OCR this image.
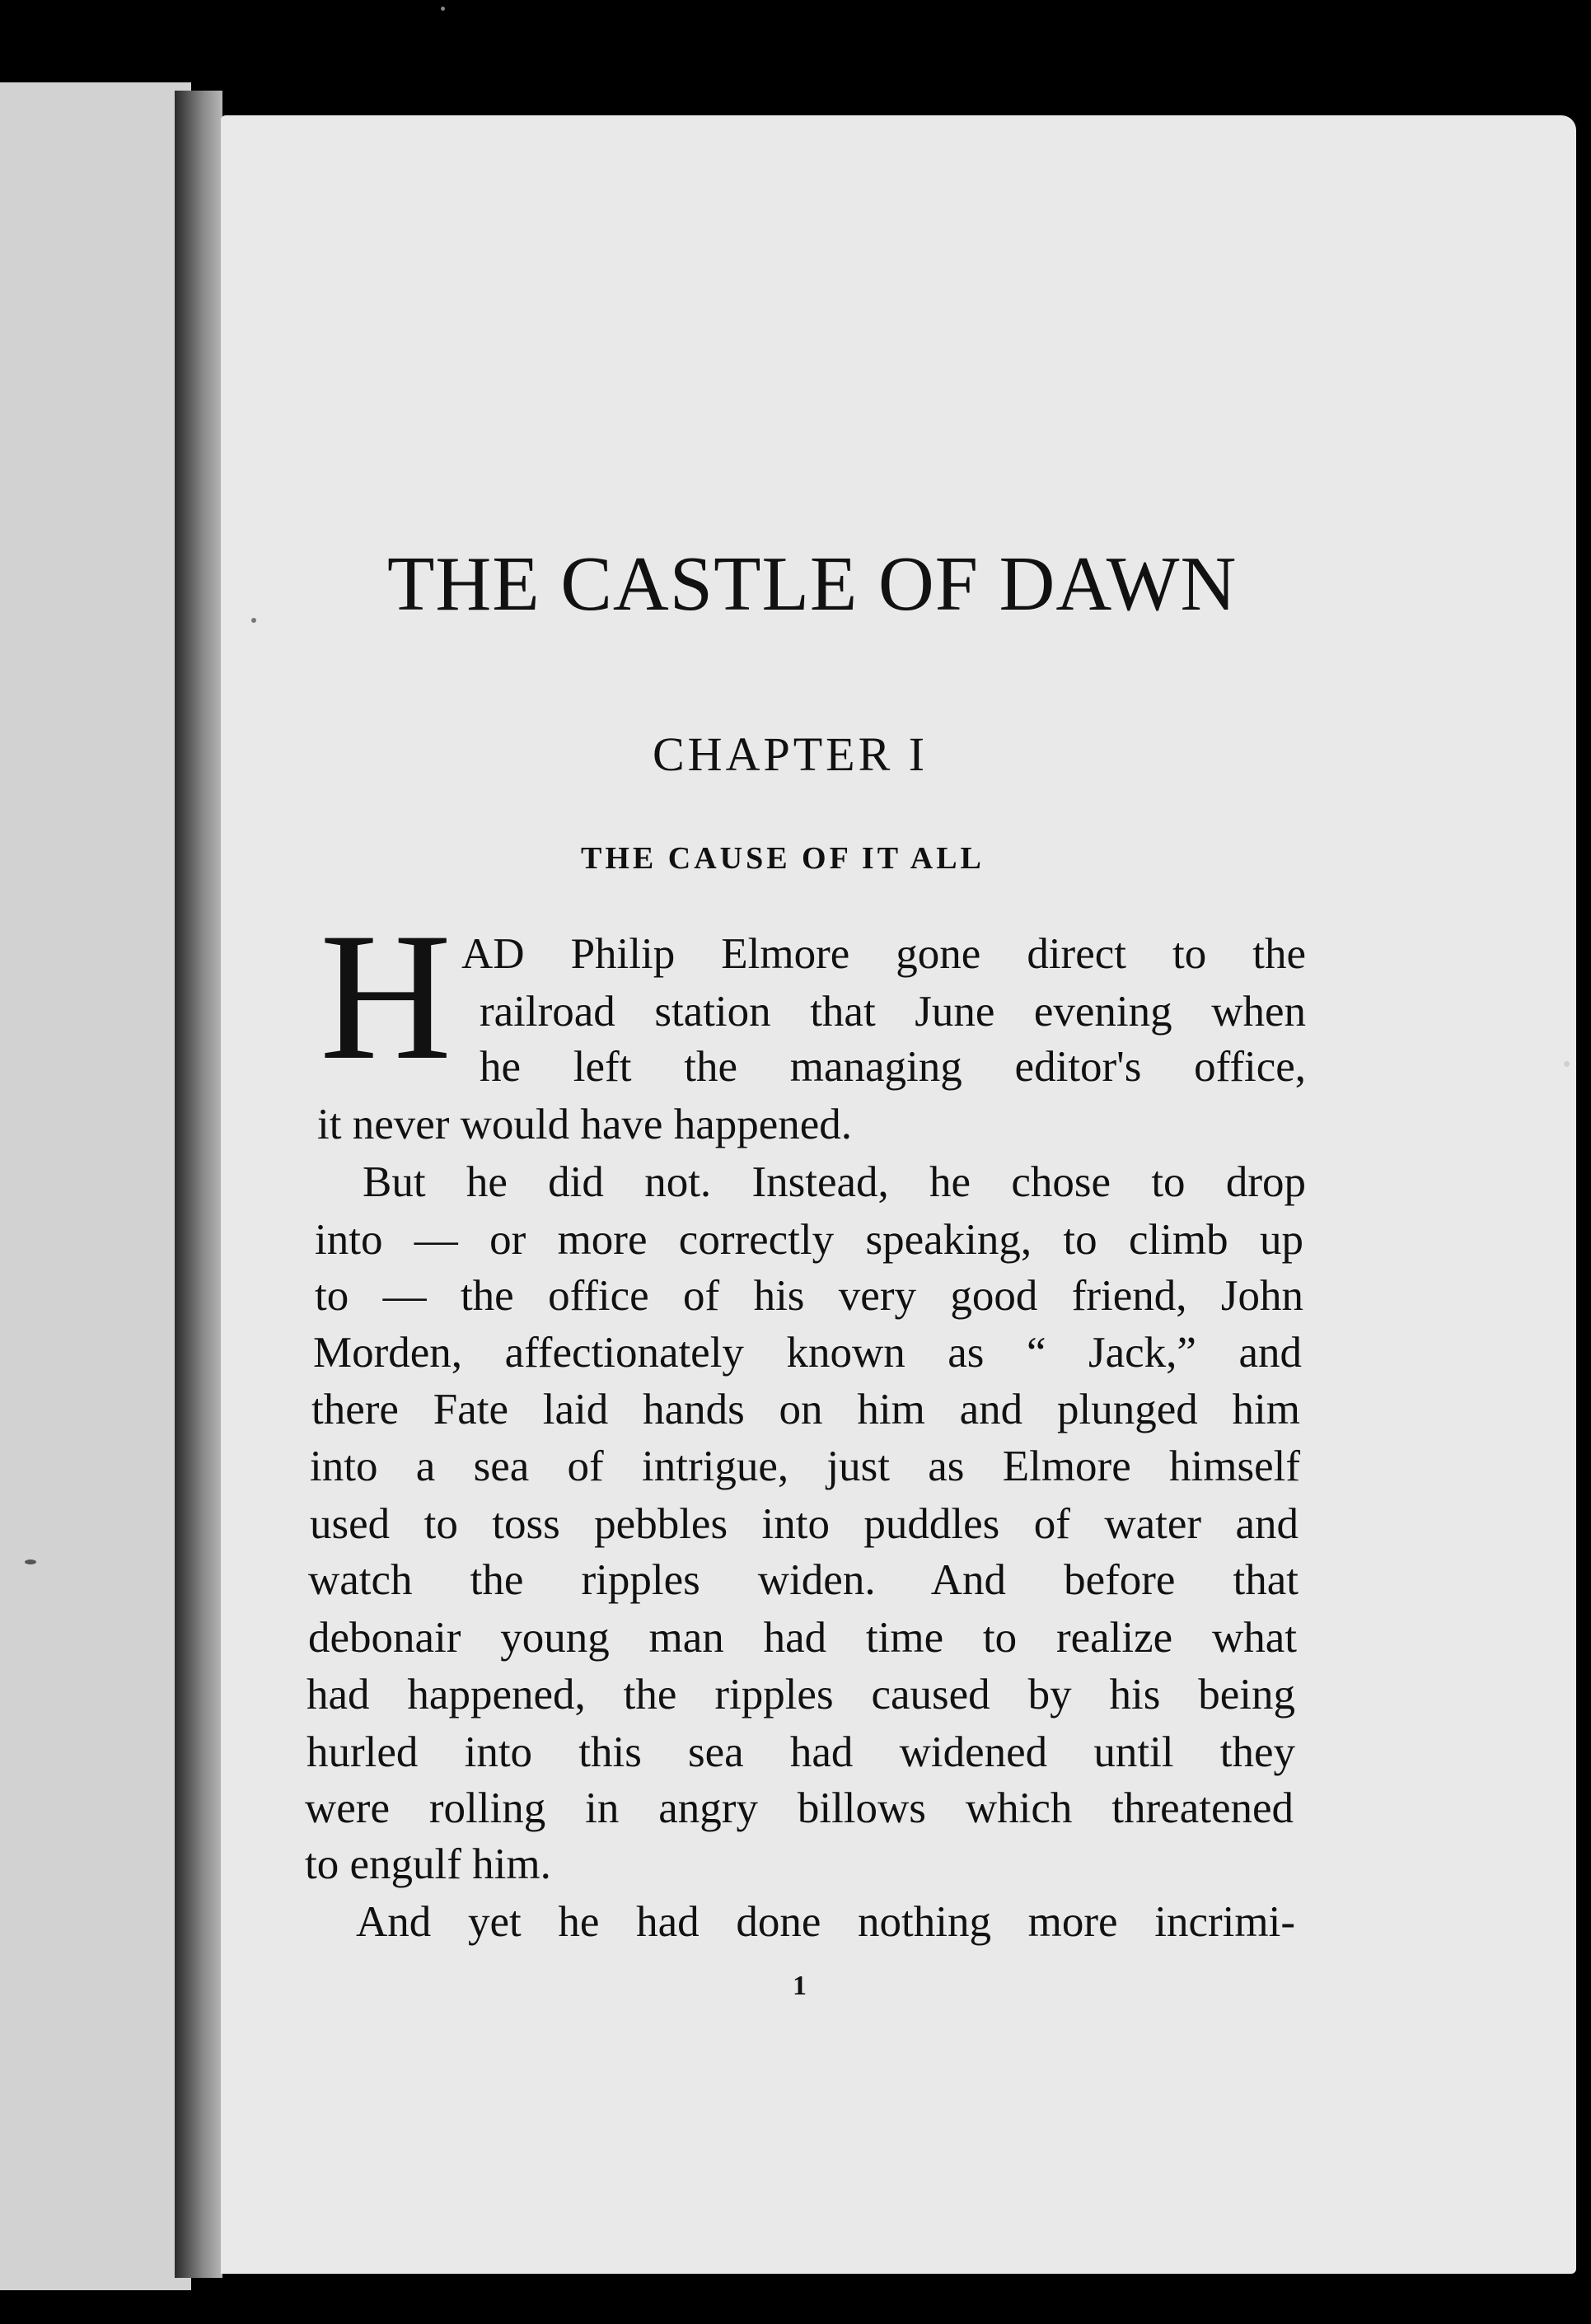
THE CASTLE OF DAWN
CHAPTER I
THE CAUSE OF IT ALL
H AD Philip Elmore gone direct to the
railroad station that June evening when
he left the managing editor's office,
it never would have happened.
But he did not. Instead, he chose to drop
into — or more correctly speaking, to climb up
to — the office of his very good friend, John
Morden, affectionately known as “ Jack,” and
there Fate laid hands on him and plunged him
into a sea of intrigue, just as Elmore himself
used to toss pebbles into puddles of water and
watch the ripples widen. And before that
debonair young man had time to realize what
had happened, the ripples caused by his being
hurled into this sea had widened until they
were rolling in angry billows which threatened
to engulf him.
And yet he had done nothing more incrimi-
1
